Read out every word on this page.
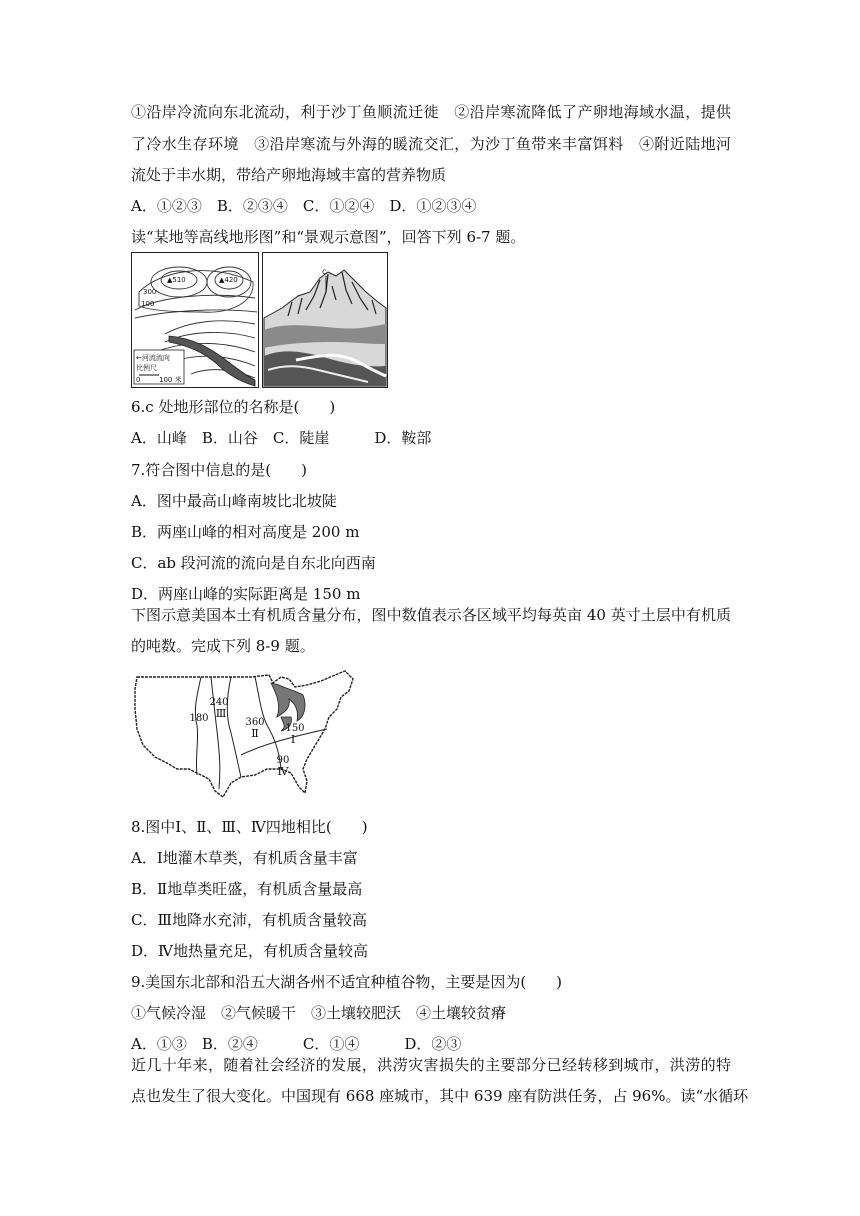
①沿岸冷流向东北流动，利于沙丁鱼顺流迁徙　②沿岸寒流降低了产卵地海域水温，提供
了冷水生存环境　③沿岸寒流与外海的暖流交汇，为沙丁鱼带来丰富饵料　④附近陆地河
流处于丰水期，带给产卵地海域丰富的营养物质
A．①②③　B．②③④　C．①②④　D．①②③④
读“某地等高线地形图”和“景观示意图”，回答下列 6-7 题。
▲510	▲420
300
100
←河流流向
比例尺
0	100 米
c
6.c 处地形部位的名称是(　　)
A．山峰　B．山谷　C．陡崖　　　D．鞍部
7.符合图中信息的是(　　)
A．图中最高山峰南坡比北坡陡
B．两座山峰的相对高度是 200 m
C．ab 段河流的流向是自东北向西南
D．两座山峰的实际距离是 150 m
下图示意美国本土有机质含量分布，图中数值表示各区域平均每英亩 40 英寸土层中有机质
的吨数。完成下列 8-9 题。
180
240
Ⅲ
360
Ⅱ	150
Ⅰ
90
Ⅳ
8.图中Ⅰ、Ⅱ、Ⅲ、Ⅳ四地相比(　　)
A．Ⅰ地灌木草类，有机质含量丰富
B．Ⅱ地草类旺盛，有机质含量最高
C．Ⅲ地降水充沛，有机质含量较高
D．Ⅳ地热量充足，有机质含量较高
9.美国东北部和沿五大湖各州不适宜种植谷物，主要是因为(　　)
①气候冷湿　②气候暖干　③土壤较肥沃　④土壤较贫瘠
A．①③　B．②④　　　C．①④　　　D．②③
近几十年来，随着社会经济的发展，洪涝灾害损失的主要部分已经转移到城市，洪涝的特
点也发生了很大变化。中国现有 668 座城市，其中 639 座有防洪任务，占 96%。读“水循环
